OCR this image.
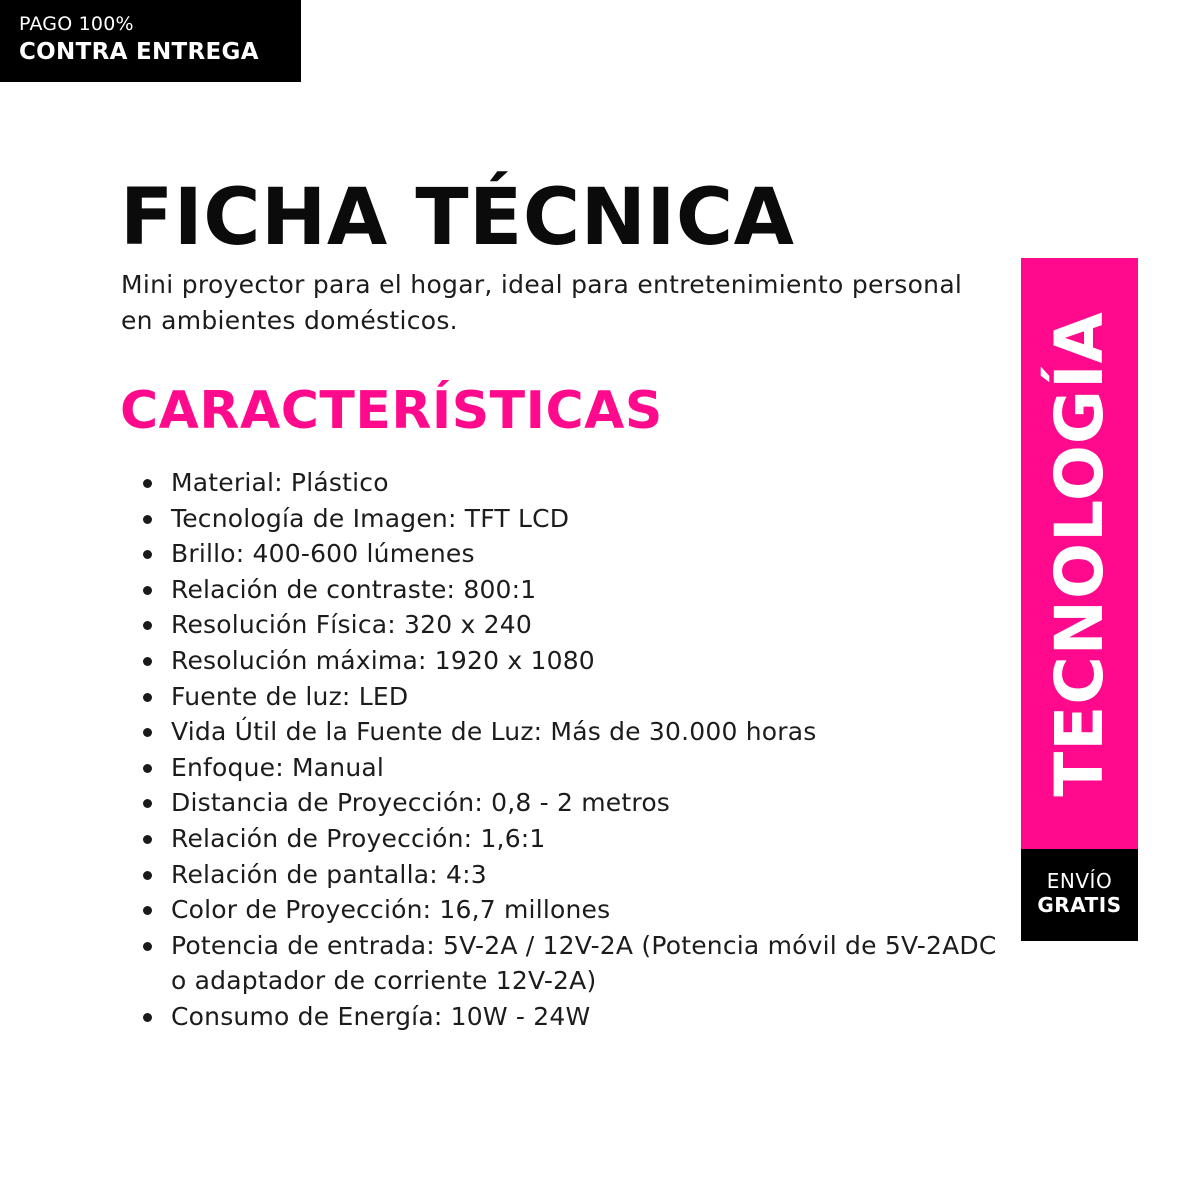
PAGO 100%
CONTRA ENTREGA
FICHA TÉCNICA

Mini proyector para el hogar, ideal para entretenimiento personal en ambientes domésticos.

CARACTERÍSTICAS
Material: Plástico
Tecnología de Imagen: TFT LCD
Brillo: 400-600 lúmenes
Relación de contraste: 800:1
Resolución Física: 320 x 240
Resolución máxima: 1920 x 1080
Fuente de luz: LED
Vida Útil de la Fuente de Luz: Más de 30.000 horas
Enfoque: Manual
Distancia de Proyección: 0,8 - 2 metros
Relación de Proyección: 1,6:1
Relación de pantalla: 4:3
Color de Proyección: 16,7 millones
Potencia de entrada: 5V-2A / 12V-2A (Potencia móvil de 5V-2ADC o adaptador de corriente 12V-2A)
Consumo de Energía: 10W - 24W
TECNOLOGÍA
ENVÍO
GRATIS
